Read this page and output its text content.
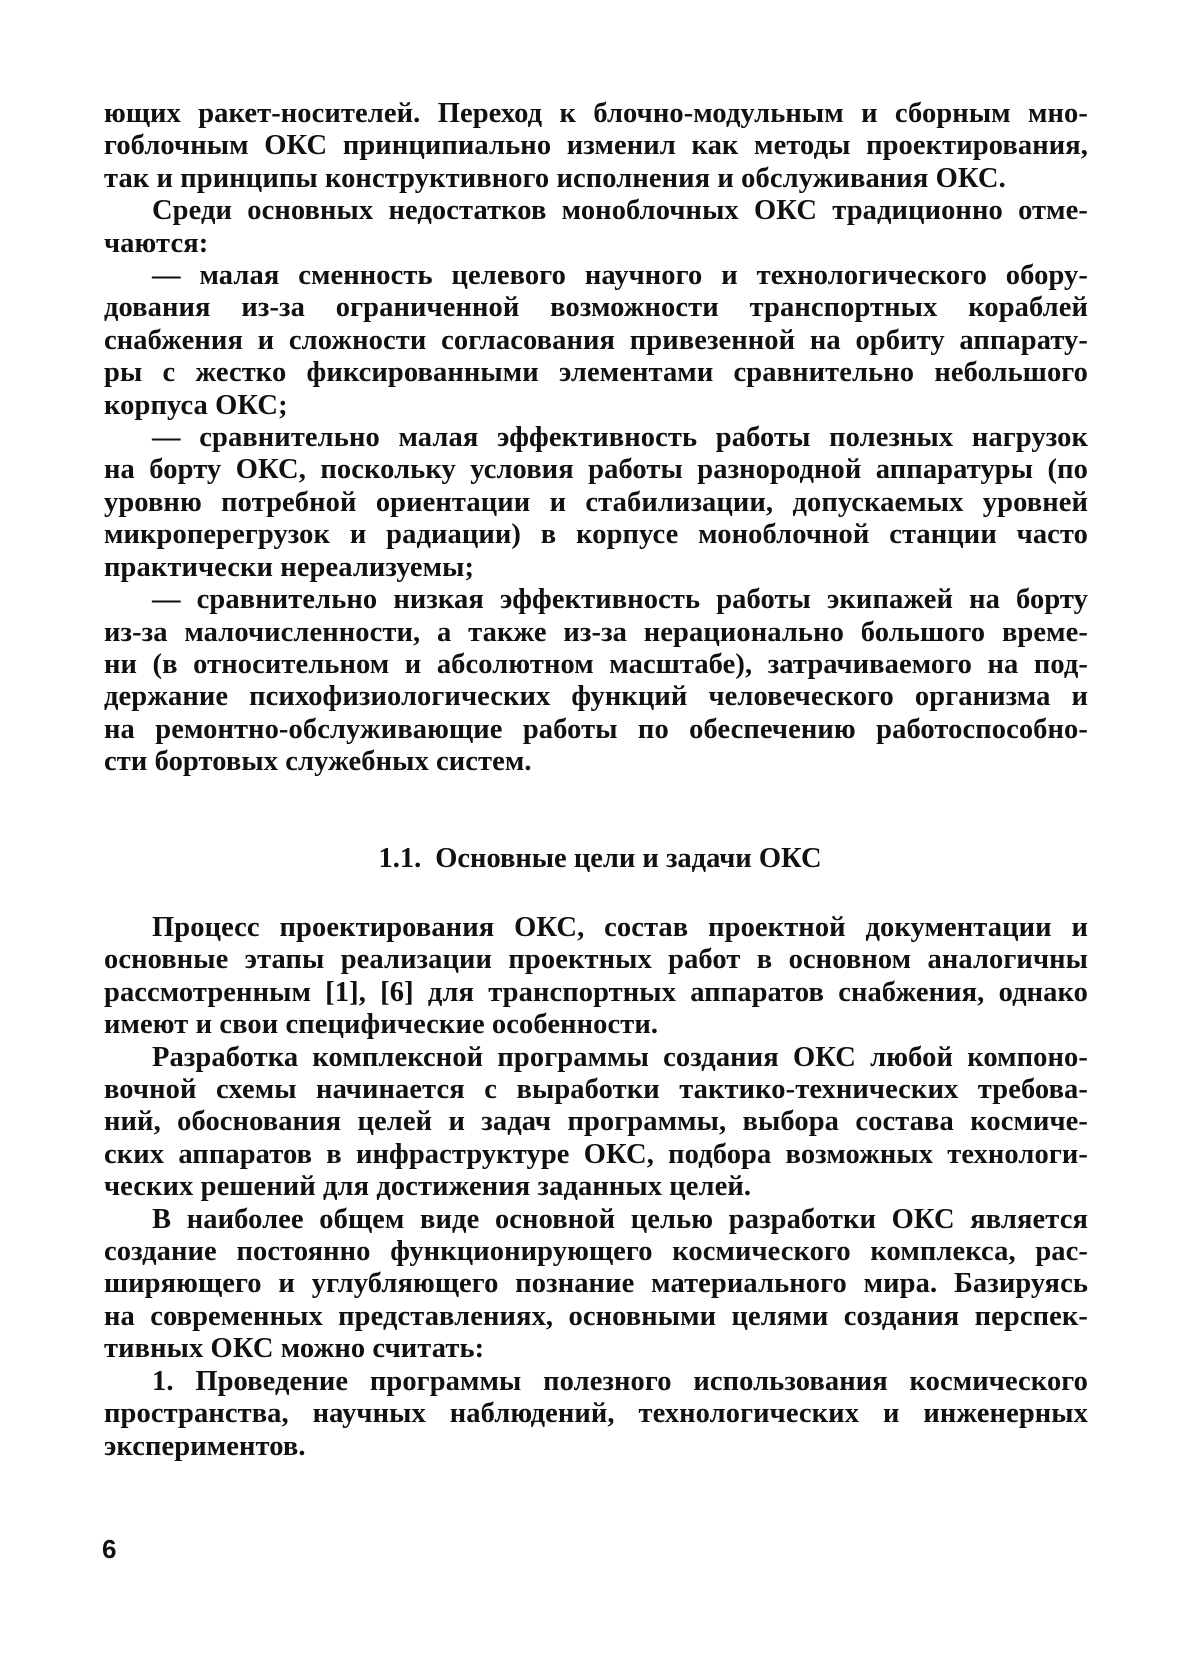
ющих ракет-носителей. Переход к блочно-модульным и сборным мно-
гоблочным ОКС принципиально изменил как методы проектирования,
так и принципы конструктивного исполнения и обслуживания ОКС.
Среди основных недостатков моноблочных ОКС традиционно отме-
чаются:
— малая сменность целевого научного и технологического обору-
дования из-за ограниченной возможности транспортных кораблей
снабжения и сложности согласования привезенной на орбиту аппарату-
ры с жестко фиксированными элементами сравнительно небольшого
корпуса ОКС;
— сравнительно малая эффективность работы полезных нагрузок
на борту ОКС, поскольку условия работы разнородной аппаратуры (по
уровню потребной ориентации и стабилизации, допускаемых уровней
микроперегрузок и радиации) в корпусе моноблочной станции часто
практически нереализуемы;
— сравнительно низкая эффективность работы экипажей на борту
из-за малочисленности, а также из-за нерационально большого време-
ни (в относительном и абсолютном масштабе), затрачиваемого на под-
держание психофизиологических функций человеческого организма и
на ремонтно-обслуживающие работы по обеспечению работоспособно-
сти бортовых служебных систем.
1.1. Основные цели и задачи ОКС
Процесс проектирования ОКС, состав проектной документации и
основные этапы реализации проектных работ в основном аналогичны
рассмотренным [1], [6] для транспортных аппаратов снабжения, однако
имеют и свои специфические особенности.
Разработка комплексной программы создания ОКС любой компоно-
вочной схемы начинается с выработки тактико-технических требова-
ний, обоснования целей и задач программы, выбора состава космиче-
ских аппаратов в инфраструктуре ОКС, подбора возможных технологи-
ческих решений для достижения заданных целей.
В наиболее общем виде основной целью разработки ОКС является
создание постоянно функционирующего космического комплекса, рас-
ширяющего и углубляющего познание материального мира. Базируясь
на современных представлениях, основными целями создания перспек-
тивных ОКС можно считать:
1. Проведение программы полезного использования космического
пространства, научных наблюдений, технологических и инженерных
экспериментов.
6
